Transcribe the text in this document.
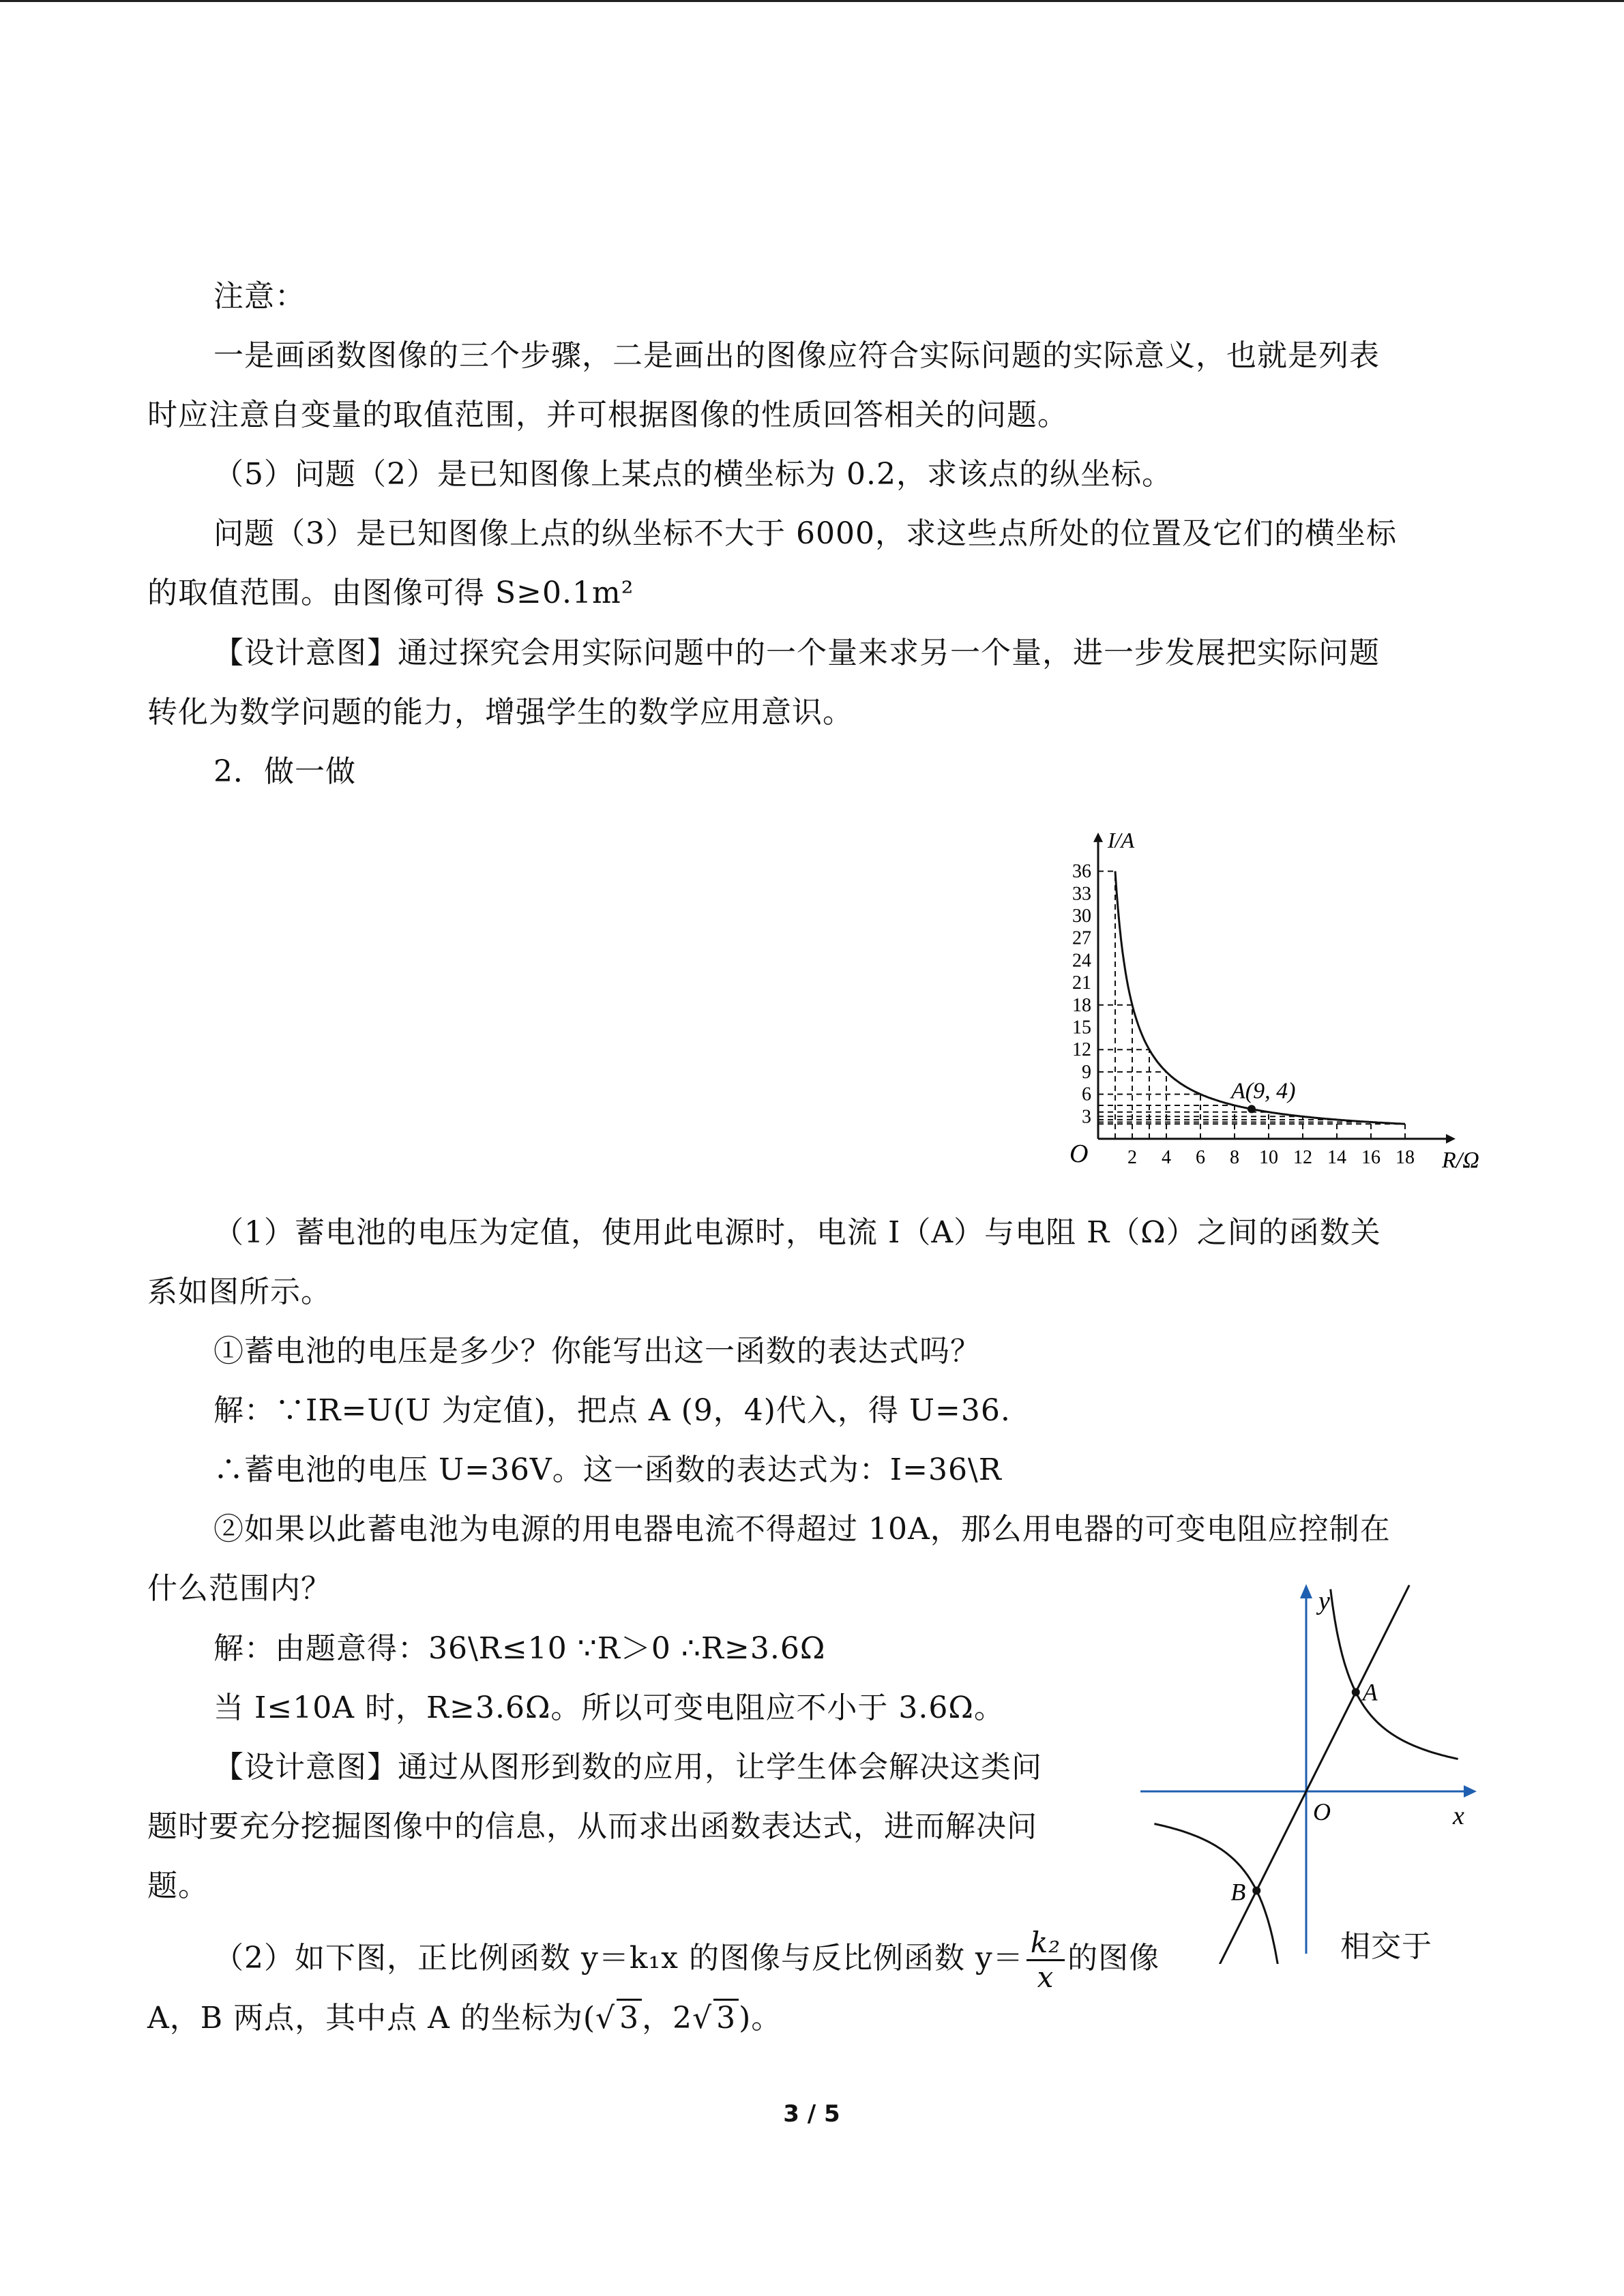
注意：

一是画函数图像的三个步骤，二是画出的图像应符合实际问题的实际意义，也就是列表

时应注意自变量的取值范围，并可根据图像的性质回答相关的问题。

（5）问题（2）是已知图像上某点的横坐标为 0.2，求该点的纵坐标。

问题（3）是已知图像上点的纵坐标不大于 6000，求这些点所处的位置及它们的横坐标

的取值范围。由图像可得 S≥0.1m²

【设计意图】通过探究会用实际问题中的一个量来求另一个量，进一步发展把实际问题

转化为数学问题的能力，增强学生的数学应用意识。

2．做一做

2 4 6 8 10 12 14 16 18
3
6
9
12
15
18
21
24
27
30
33
36
O	R/Ω
I/A
A(9, 4)

（1）蓄电池的电压为定值，使用此电源时，电流 I（A）与电阻 R（Ω）之间的函数关

系如图所示。

①蓄电池的电压是多少？你能写出这一函数的表达式吗？

解：∵IR=U(U 为定值)，把点 A (9，4)代入，得 U=36.

∴蓄电池的电压 U=36V。这一函数的表达式为：I=36\R

②如果以此蓄电池为电源的用电器电流不得超过 10A，那么用电器的可变电阻应控制在

什么范围内？

解：由题意得：36\R≤10 ∵R＞0 ∴R≥3.6Ω

当 I≤10A 时，R≥3.6Ω。所以可变电阻应不小于 3.6Ω。

【设计意图】通过从图形到数的应用，让学生体会解决这类问

题时要充分挖掘图像中的信息，从而求出函数表达式，进而解决问

题。

A
B
O	x
y

（2）如下图，正比例函数 y＝k₁x 的图像与反比例函数 $y= \frac{\text{k₂}}{x}$ 的图像	相交于

A，B 两点，其中点 A 的坐标为(√ 3，2√ 3)。

3 / 5
